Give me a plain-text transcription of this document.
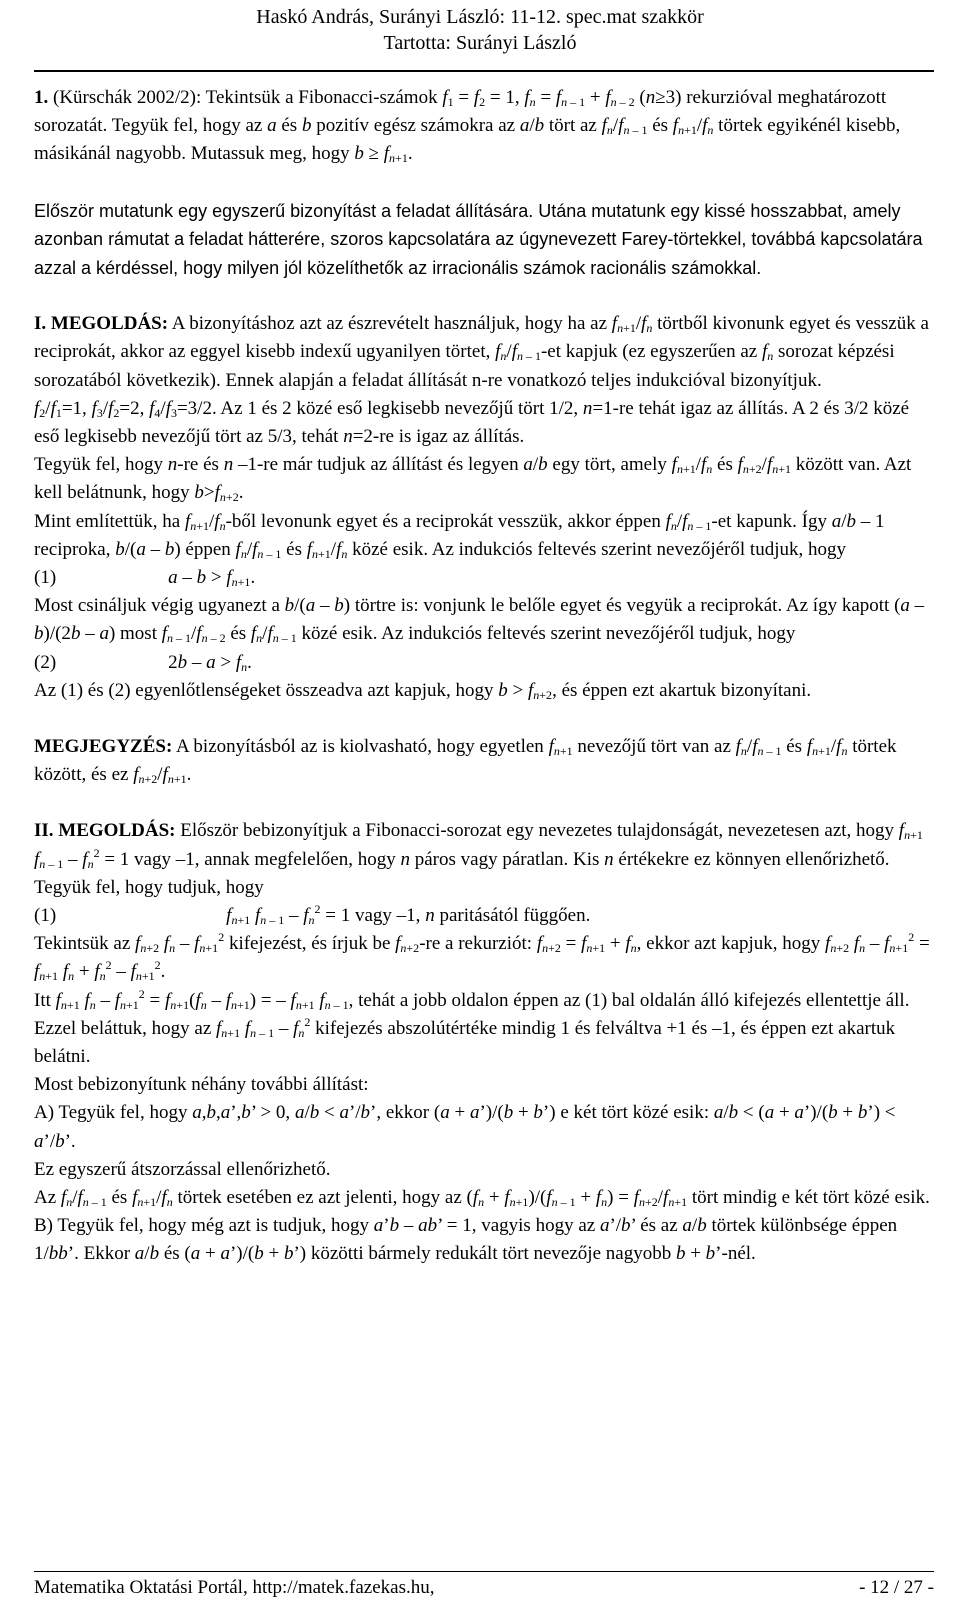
Haskó András, Surányi László: 11-12. spec.mat szakkör
Tartotta: Surányi László

1. (Kürschák 2002/2): Tekintsük a Fibonacci-számok $f_1 = f_2 = 1$, $f_n = f_{n - 1} + f_{n - 2}$ (n≥3) rekurzióval meghatározott sorozatát. Tegyük fel, hogy az a és b pozitív egész számokra az a/b tört az $f_n/f_{n - 1}$ és $f_{n+1}/f_n$ törtek egyikénél kisebb, másikánál nagyobb. Mutassuk meg, hogy $b \ge f_{n+1}$.

Először mutatunk egy egyszerű bizonyítást a feladat állítására. Utána mutatunk egy kissé hosszabbat, amely azonban rámutat a feladat hátterére, szoros kapcsolatára az úgynevezett Farey-törtekkel, továbbá kapcsolatára azzal a kérdéssel, hogy milyen jól közelíthetők az irracionális számok racionális számokkal.

I. MEGOLDÁS: A bizonyításhoz azt az észrevételt használjuk, hogy ha az $f_{n+1}/f_n$ törtből kivonunk egyet és vesszük a reciprokát, akkor az eggyel kisebb indexű ugyanilyen törtet, $f_n/f_{n - 1}-et$ kapjuk (ez egyszerűen az $f_n$ sorozat képzési sorozatából következik). Ennek alapján a feladat állítását n-re vonatkozó teljes indukcióval bizonyítjuk.

$f_2/f_1=1$, $f_3/f_2=2$, $f_4/f_3=3/2$. Az 1 és 2 közé eső legkisebb nevezőjű tört 1/2, n=1-re tehát igaz az állítás. A 2 és 3/2 közé eső legkisebb nevezőjű tört az 5/3, tehát n=2-re is igaz az állítás.

Tegyük fel, hogy n-re és n –1-re már tudjuk az állítást és legyen a/b egy tört, amely $f_{n+1}/f_n$ és $f_{n+2}/f_{n+1}$ között van. Azt kell belátnunk, hogy $b>f_{n+2}$.

Mint említettük, ha $f_{n+1}/f_n$-ből levonunk egyet és a reciprokát vesszük, akkor éppen $f_n/f_{n - 1}-et$ kapunk. Így a/b – 1 reciproka, b/(a – b) éppen $f_n/f_{n - 1}$ és $f_{n+1}/f_n$ közé esik. Az indukciós feltevés szerint nevezőjéről tudjuk, hogy

(1)	$a - b > f_{n+1}$.

Most csináljuk végig ugyanezt a b/(a – b) törtre is: vonjunk le belőle egyet és vegyük a reciprokát. Az így kapott (a – b)/(2b – a) most $f_{n - 1}/f_{n - 2}$ és $f_n/f_{n - 1}$ közé esik. Az indukciós feltevés szerint nevezőjéről tudjuk, hogy

(2)	$2b - a > f_n$.

Az (1) és (2) egyenlőtlenségeket összeadva azt kapjuk, hogy $b > f_{n+2}$, és éppen ezt akartuk bizonyítani.

MEGJEGYZÉS: A bizonyításból az is kiolvasható, hogy egyetlen $f_{n+1}$ nevezőjű tört van az $f_n/f_{n - 1}$ és $f_{n+1}/f_n$ törtek között, és ez $f_{n+2}/f_{n+1}$.

II. MEGOLDÁS: Először bebizonyítjuk a Fibonacci-sorozat egy nevezetes tulajdonságát, nevezetesen azt, hogy $f_{n+1}$ $f_{n - 1} - f_n^2 = 1$ vagy –1, annak megfelelően, hogy n páros vagy páratlan. Kis n értékekre ez könnyen ellenőrizhető. Tegyük fel, hogy tudjuk, hogy

(1)	$f_{n+1}$ $f_{n - 1} - f_n^2 = 1$ vagy –1, n paritásától függően.

Tekintsük az $f_{n+2}$ $f_n - f_{n+1}^2$ kifejezést, és írjuk be $f_{n+2}-re$ a rekurziót: $f_{n+2} = f_{n+1} + f_n$, ekkor azt kapjuk, hogy $f_{n+2}$ $f_n - f_{n+1}^2 = f_{n+1}$ $f_n + f_n^2 - f_{n+1}^2$.

Itt $f_{n+1}$ $f_n - f_{n+1}^2 = f_{n+1}(f_n - f_{n+1})$ = – $f_{n+1}$ $f_{n - 1}$, tehát a jobb oldalon éppen az (1) bal oldalán álló kifejezés ellentettje áll. Ezzel beláttuk, hogy az $f_{n+1}$ $f_{n - 1} - f_n^2$ kifejezés abszolútértéke mindig 1 és felváltva +1 és –1, és éppen ezt akartuk belátni.

Most bebizonyítunk néhány további állítást:

A) Tegyük fel, hogy a,b,a’,b’ > 0, a/b < a’/b’, ekkor (a + a’)/(b + b’) e két tört közé esik: a/b < (a + a’)/(b + b’) < a’/b’.

Ez egyszerű átszorzással ellenőrizhető.

Az $f_n/f_{n - 1}$ és $f_{n+1}/f_n$ törtek esetében ez azt jelenti, hogy az $(f_n + f_{n+1})/(f_{n - 1} + f_n) = f_{n+2}/f_{n+1}$ tört mindig e két tört közé esik.

B) Tegyük fel, hogy még azt is tudjuk, hogy a’b – ab’ = 1, vagyis hogy az a’/b’ és az a/b törtek különbsége éppen 1/bb’. Ekkor a/b és (a + a’)/(b + b’) közötti bármely redukált tört nevezője nagyobb b + b’-nél.

Matematika Oktatási Portál, http://matek.fazekas.hu,	- 12 / 27 -
